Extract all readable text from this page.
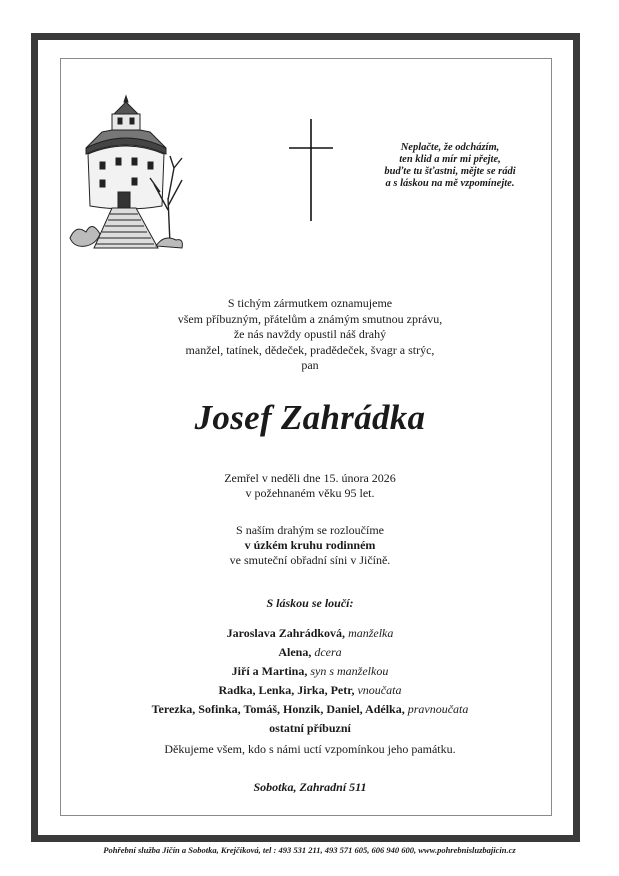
Neplačte, že odcházím,
ten klid a mír mi přejte,
buďte tu šťastni, mějte se rádi
a s láskou na mě vzpomínejte.
S tichým zármutkem oznamujeme
všem příbuzným, přátelům a známým smutnou zprávu,
že nás navždy opustil náš drahý
manžel, tatínek, dědeček, pradědeček, švagr a strýc,
pan
Josef Zahrádka
Zemřel v neděli dne 15. února 2026
v požehnaném věku 95 let.
S naším drahým se rozloučíme
v úzkém kruhu rodinném
ve smuteční obřadní síni v Jičíně.
S láskou se loučí:
Jaroslava Zahrádková, manželka
Alena, dcera
Jiří a Martina, syn s manželkou
Radka, Lenka, Jirka, Petr, vnoučata
Terezka, Sofinka, Tomáš, Honzik, Daniel, Adélka, pravnoučata
ostatní příbuzní
Děkujeme všem, kdo s námi uctí vzpomínkou jeho památku.
Sobotka, Zahradní 511
Pohřební služba Jičín a Sobotka, Krejčíková, tel : 493 531 211, 493 571 605, 606 940 600, www.pohrebnisluzbajicin.cz
